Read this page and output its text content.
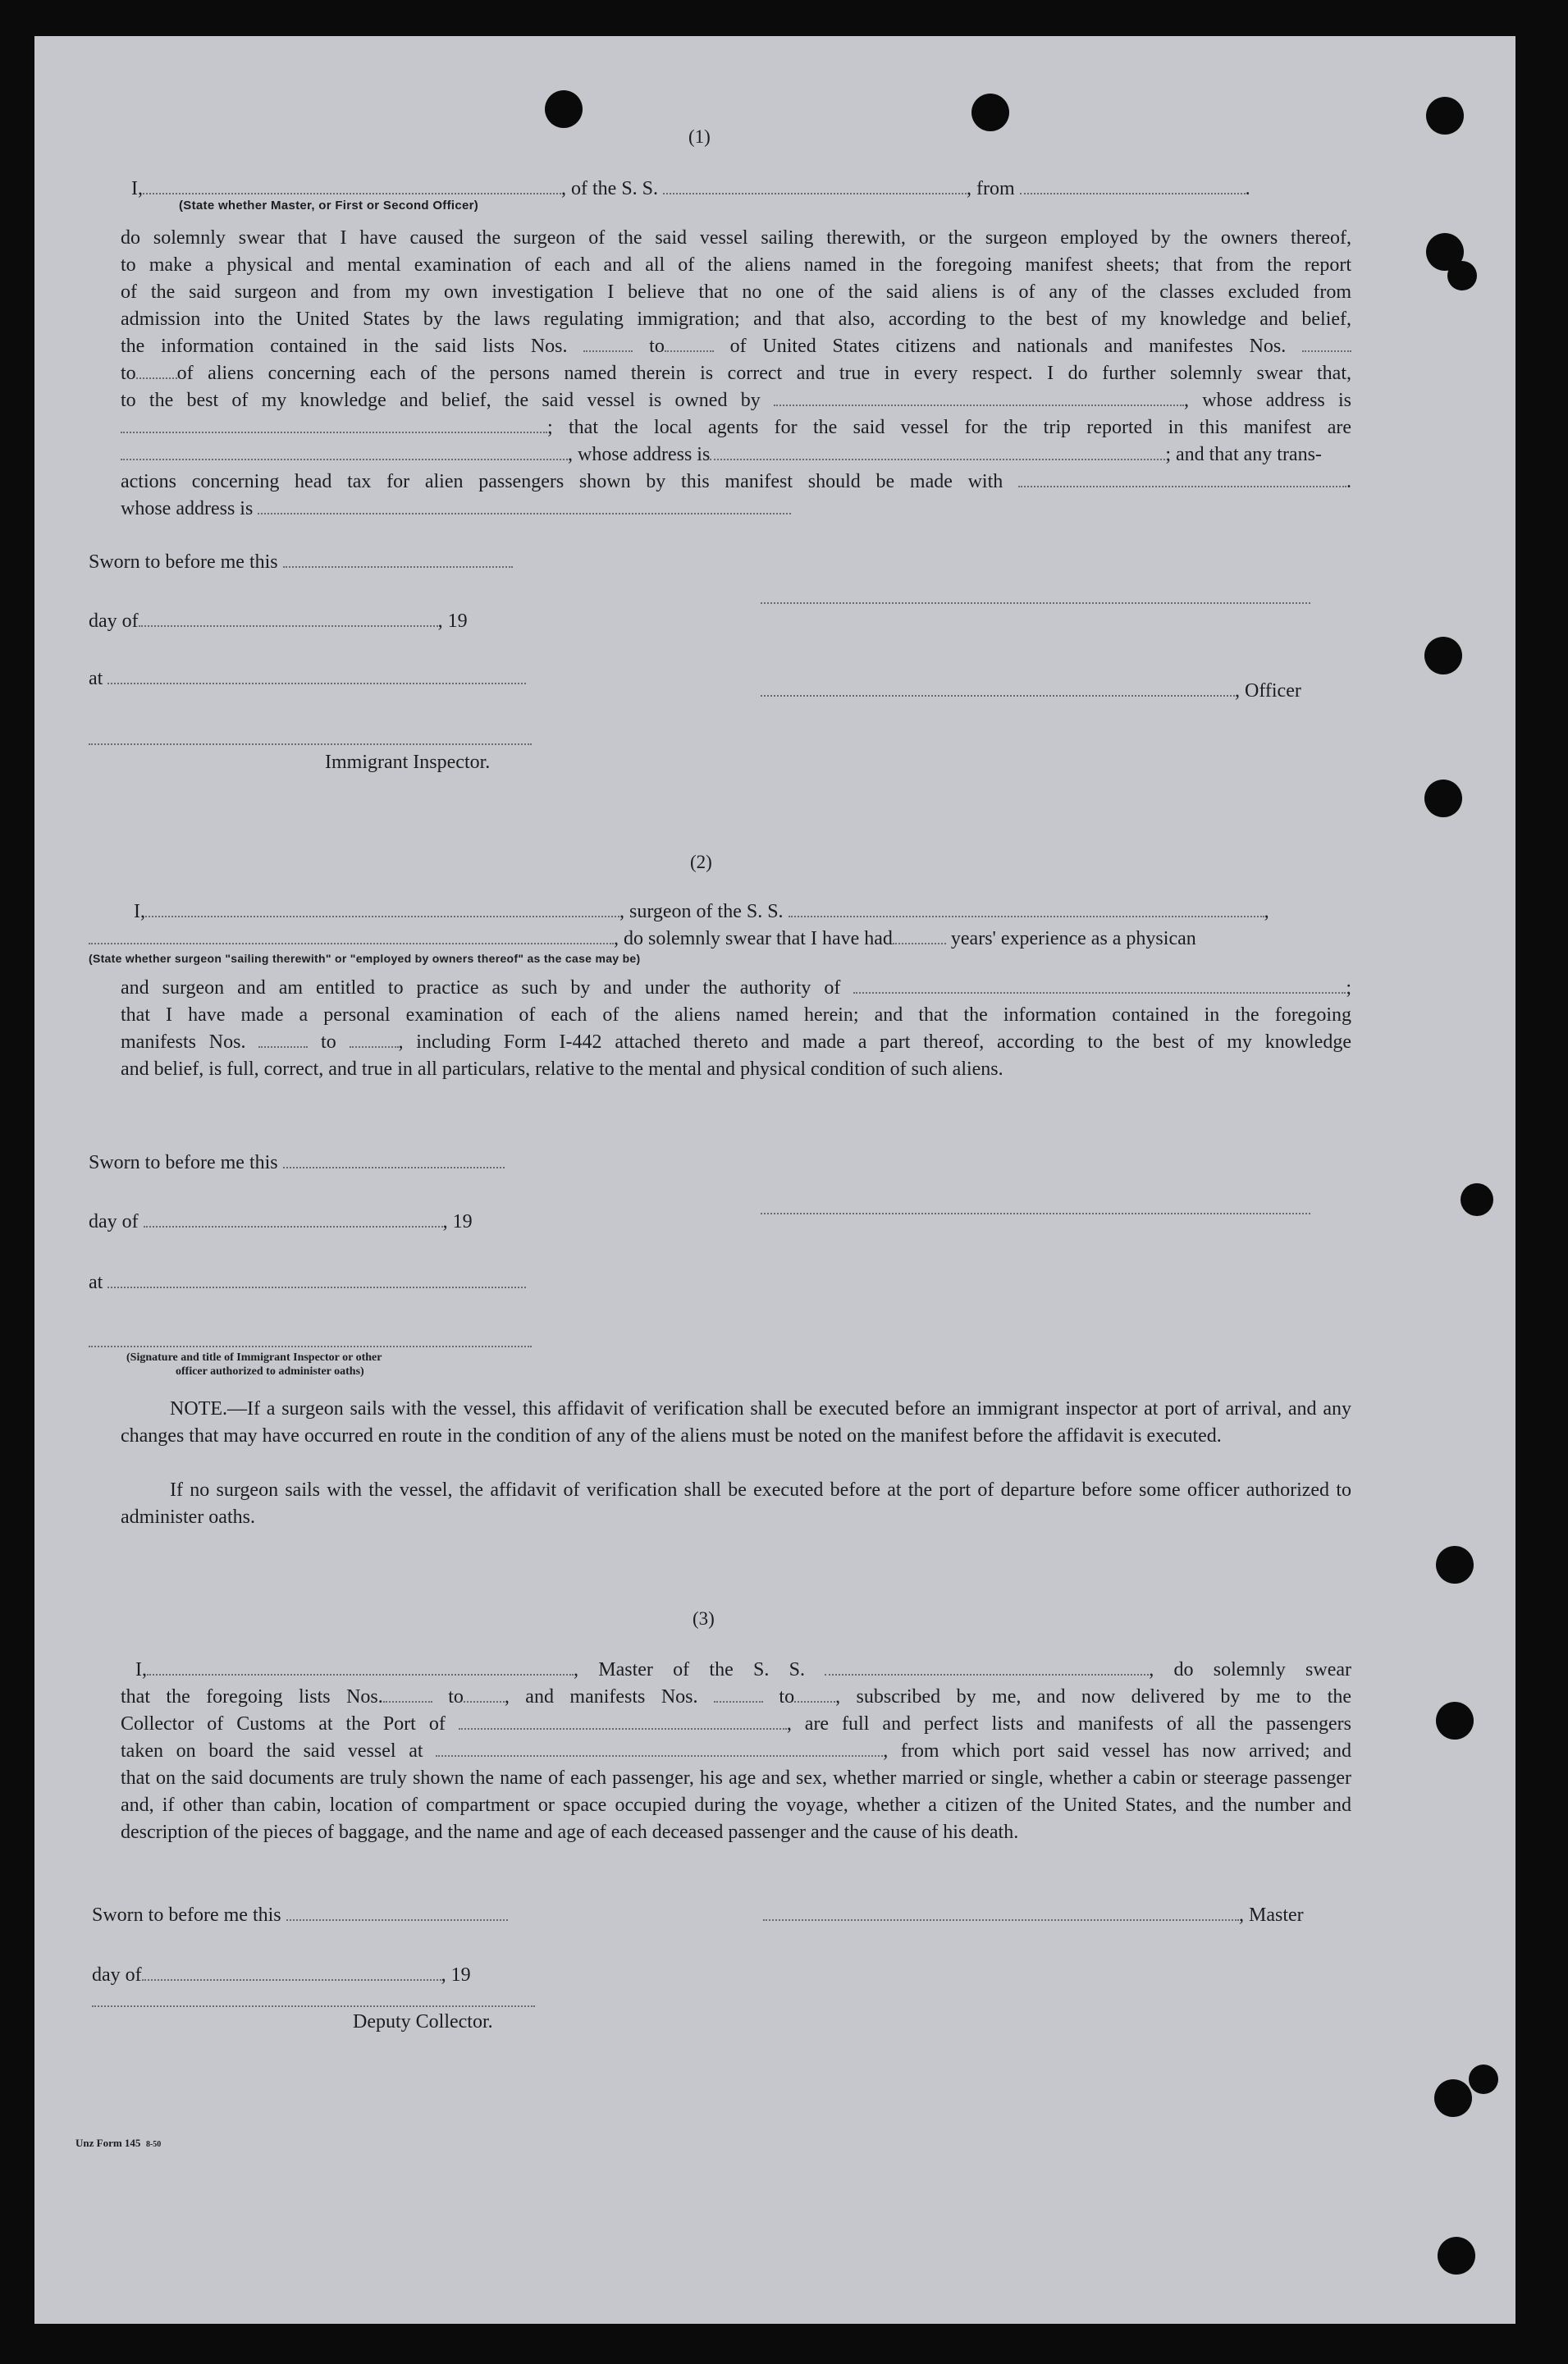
(1)
I,	, of the S. S.	, from	.
(State whether Master, or First or Second Officer)
do solemnly swear that I have caused the surgeon of the said vessel sailing therewith, or the surgeon employed by the owners thereof,
to make a physical and mental examination of each and all of the aliens named in the foregoing manifest sheets; that from the report
of the said surgeon and from my own investigation I believe that no one of the said aliens is of any of the classes excluded from
admission into the United States by the laws regulating immigration; and that also, according to the best of my knowledge and belief,
the information contained in the said lists Nos.	to	of United States citizens and nationals and manifestes Nos.
to of aliens concerning each of the persons named therein is correct and true in every respect. I do further solemnly swear that,
to the best of my knowledge and belief, the said vessel is owned by	, whose address is
; that the local agents for the said vessel for the trip reported in this manifest are
, whose address is	; and that any trans-
actions concerning head tax for alien passengers shown by this manifest should be made with	.
whose address is
Sworn to before me this
day of	, 19
at
, Officer
Immigrant Inspector.
(2)
I,	, surgeon of the S. S.	,
, do solemnly swear that I have had	years' experience as a physican
(State whether surgeon "sailing therewith" or "employed by owners thereof" as the case may be)
and surgeon and am entitled to practice as such by and under the authority of	;
that I have made a personal examination of each of the aliens named herein; and that the information contained in the foregoing
manifests Nos.	to	, including Form I-442 attached thereto and made a part thereof, according to the best of my knowledge
and belief, is full, correct, and true in all particulars, relative to the mental and physical condition of such aliens.
Sworn to before me this
day of	, 19
at
(Signature and title of Immigrant Inspector or other
officer authorized to administer oaths)
NOTE.—If a surgeon sails with the vessel, this affidavit of verification shall be executed before an immigrant inspector at port of arrival, and any changes that may have occurred en route in the condition of any of the aliens must be noted on the manifest before the affidavit is executed.
If no surgeon sails with the vessel, the affidavit of verification shall be executed before at the port of departure before some officer authorized to administer oaths.
(3)
I,	, Master of the S. S.	, do solemnly swear
that the foregoing lists Nos.	to , and manifests Nos.	to , subscribed by me, and now delivered by me to the
Collector of Customs at the Port of	, are full and perfect lists and manifests of all the passengers
taken on board the said vessel at	, from which port said vessel has now arrived; and
that on the said documents are truly shown the name of each passenger, his age and sex, whether married or single, whether a cabin or steerage passenger and, if other than cabin, location of compartment or space occupied during the voyage, whether a citizen of the United States, and the number and description of the pieces of baggage, and the name and age of each deceased passenger and the cause of his death.
Sworn to before me this	, Master
day of	, 19
Deputy Collector.
Unz Form 145 8-50
